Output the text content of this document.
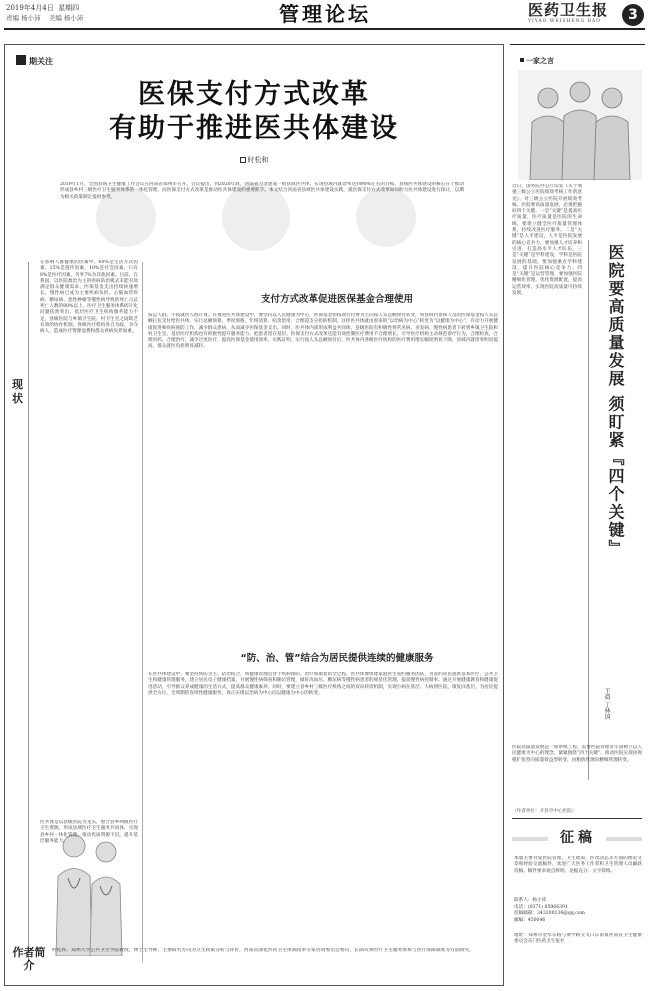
2019年4月4日 星期四
责编 杨小沛 美编 杨小沛	管理论坛	医药卫生报
YIYAO WEISHENG BAO	3
期关注
医保支付方式改革
有助于推进医共体建设
时松和
2019年1月，全国县域卫生健康工作会议在河南省郑州市召开。会议提出，到2020年底，河南省力争建成一批县域医共体，实现县域内就诊率达到90%左右的目标。县域医共体建设的核心在于推动形成县乡村三级医疗卫生服务体系的一体化管理，而医保支付方式改革是推动医共体建设的重要抓手。本文结合河南省县域医共体建设实践，就医保支付方式改革如何助力医共体建设进行探讨，以期为相关政策制定提供参考。
现状
在影响人群健康的因素中，60%是生活方式因素，15%是遗传因素，10%是社会因素，只有8%是医疗因素，另外7%为其他因素。目前，在我国，以医院救治为主的疾病防治模式未能有效满足群众健康需求，医保基金支出持续快速增长，慢性病已成为主要疾病负担。心脑血管疾病、糖尿病、恶性肿瘤等慢性病导致的死亡占总死亡人数的80%以上。医疗卫生服务体系碎片化问题依然突出，基层医疗卫生机构服务能力不足，县级医院与乡镇卫生院、村卫生室之间缺乏有效的协作机制，各级医疗机构各自为政，争夺病人，造成医疗资源浪费和群众看病负担加重。
支付方式改革促进医保基金合理使用
按总人群、不按就医人群计算。在推进医共体建设中，要坚持以人民健康为中心，医保基金由按项目付费为主向按人头总额预付转变，将县域内参保人员的医保基金按人头总额打包支付给医共体，实行总额预算、季度预拨、年终清算、结余留用、合理超支分担的机制。这样医共体就由原来的“以治病为中心”转变为“以健康为中心”，有动力开展健康促进和疾病预防工作，减少群众患病，从而减少医保基金支出。同时，医共体内部形成利益共同体，县级医院有积极性将常见病、多发病、慢性病患者下转到乡镇卫生院和村卫生室，基层医疗机构也有积极性提升服务能力，把患者留在基层。医保支付方式改革还能有效控制医疗费用不合理增长，引导医疗机构主动规范诊疗行为，合理检查、合理用药、合理治疗，减少过度医疗，提高医保基金使用效率。实践证明，实行按人头总额预付后，医共体内各级医疗机构的医疗费用增长幅度明显下降，县域内就诊率明显提高，群众就医负担明显减轻。
“防、治、管”结合为居民提供连续的健康服务
在医共体建设中，要坚持预防为主、防治结合，将健康管理贯穿于疾病预防、治疗和康复的全过程。医共体要组建家庭医生签约服务团队，为签约居民提供基本医疗、公共卫生和健康管理服务，建立居民电子健康档案，开展慢性病筛查和随访管理，做好高血压、糖尿病等慢性病患者的规范化管理，提高慢性病控制率。通过开展健康教育和健康促进活动，引导群众养成健康的生活方式，提高群众健康素养。同时，要建立县乡村三级医疗机构之间的双向转诊机制，实现小病在基层、大病到医院、康复回基层，为居民提供全方位、全周期的连续性健康服务，真正实现以治病为中心向以健康为中心的转变。
医共体是以县级医院为龙头，整合县乡两级医疗卫生资源，形成县域医疗卫生服务共同体，实现县乡村一体化管理，推动优质资源下沉，提升基层服务能力。
作者简介
时松和，郑州大学公共卫生学院教授，博士生导师，主要研究方向为卫生政策分析与评价，河南省深化医药卫生体制改革专家咨询委员会委员，长期从事医疗卫生服务体系与医疗保障制度等方面研究。
一家之言
近日，国务院办公厅印发《关于加强三级公立医院绩效考核工作的意见》，对三级公立医院开展绩效考核。医院要高质量发展，必须把握好四个关键。一是“关键”是提高医疗质量，医疗质量是医院的生命线，要建立健全医疗质量管理体系，持续改进医疗服务。二是“关键”是人才建设，人才是医院发展的核心竞争力，要加强人才培养和引进，打造高水平人才队伍。三是“关键”是学科建设，学科是医院发展的基础，要加强重点学科建设，提升医院核心竞争力。四是“关键”是运营管理，要加强医院精细化管理，优化资源配置，提高运营效率，实现医院高质量可持续发展。	医院要高质量发展 须盯紧『四个关键』
王舜 丁林国
医院高质量发展是一项系统工程，需要医院管理者牢固树立以人民健康为中心的理念，紧紧围绕“四个关键”，推动医院实现由规模扩张型向质量效益型转变，由粗放管理向精细管理转变。
（作者单位：开封市中心医院）
征稿
本版主要刊发医院管理、卫生政策、医改动态等方面的理论文章和经验交流稿件，欢迎广大医务工作者和卫生管理人员踊跃投稿。稿件要求观点鲜明、论据充分、文字简练。
联系人：杨小沛
电话：(0371) 85966391
投稿邮箱：343200136@qq.com
邮编：450046
地址：郑州市金水东路与博学路交叉口东南角河南省卫生健康委员会东门医药卫生报社
